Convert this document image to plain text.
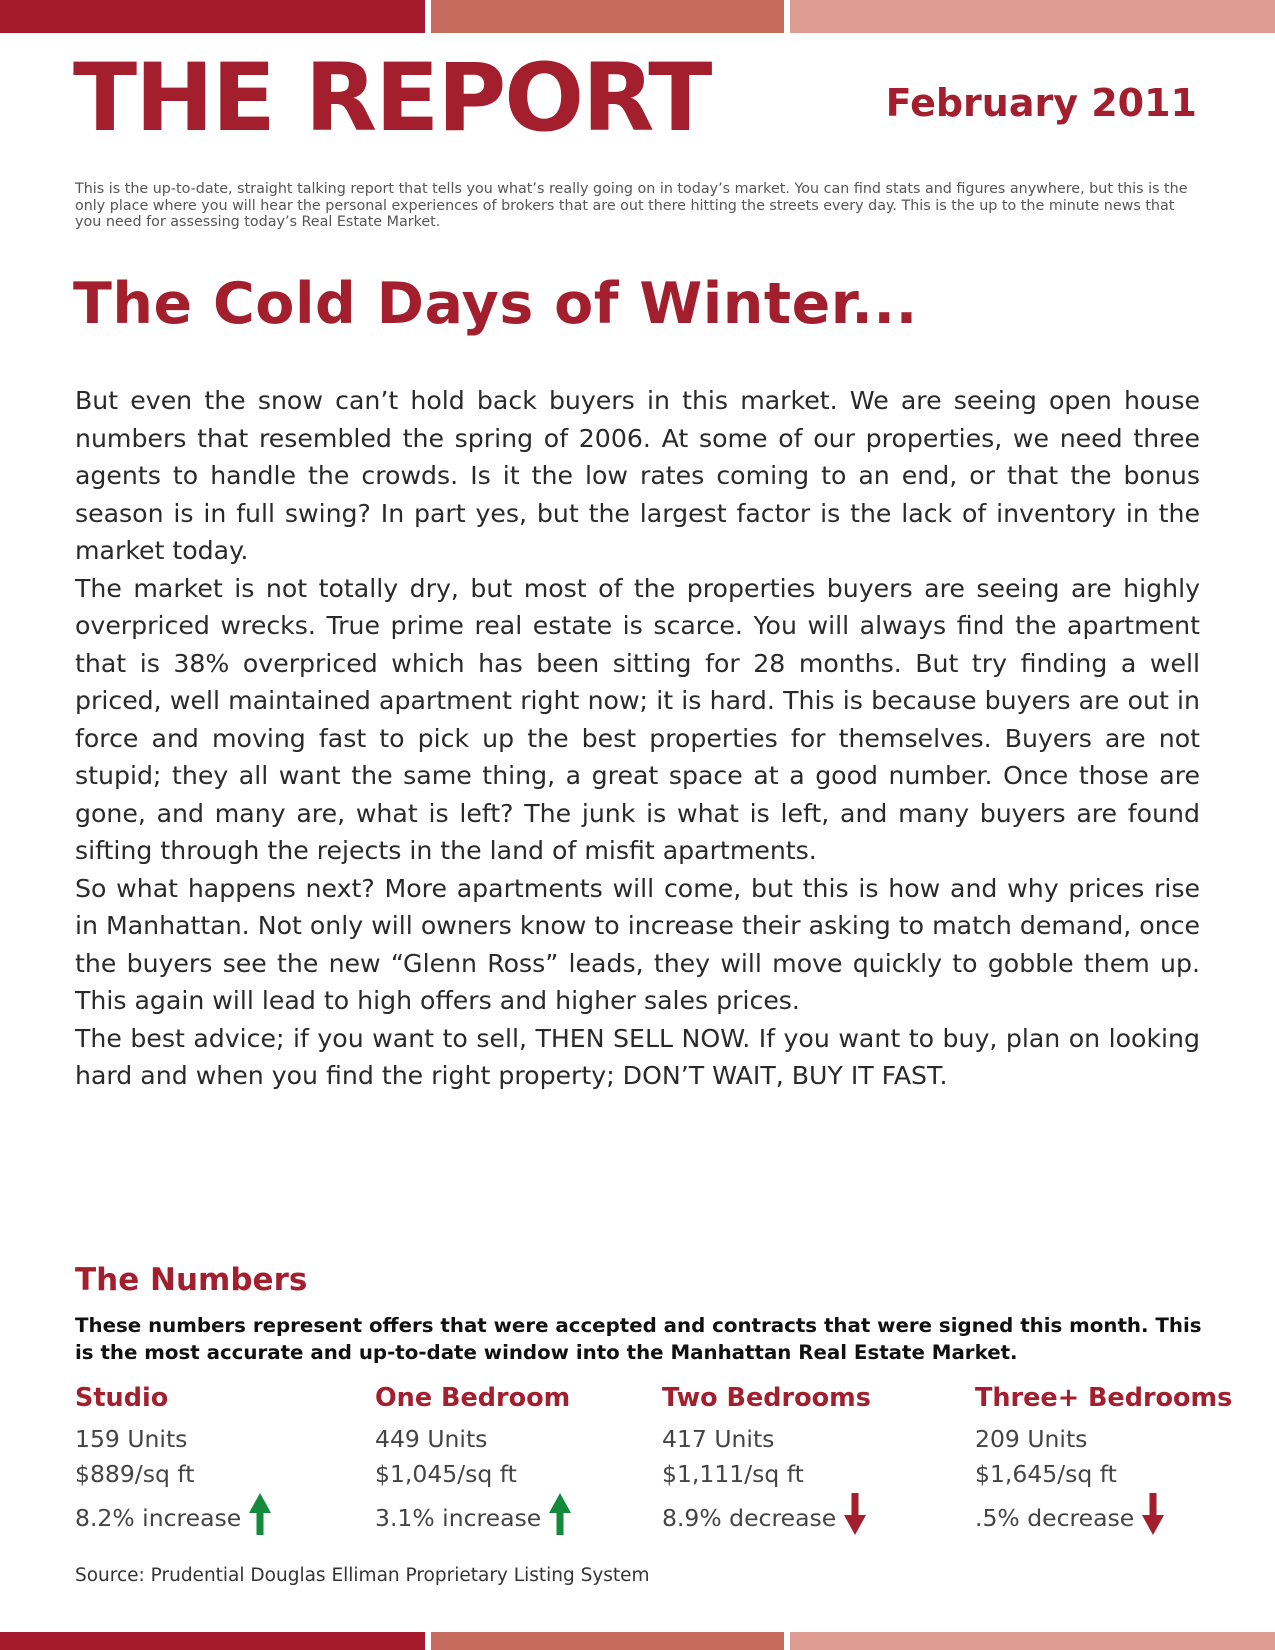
THE REPORT	February 2011
This is the up-to-date, straight talking report that tells you what’s really going on in today’s market. You can find stats and figures anywhere, but this is the only place where you will hear the personal experiences of brokers that are out there hitting the streets every day. This is the up to the minute news that you need for assessing today’s Real Estate Market.
The Cold Days of Winter...

But even the snow can’t hold back buyers in this market. We are seeing open house numbers that resembled the spring of 2006. At some of our properties, we need three agents to handle the crowds. Is it the low rates coming to an end, or that the bonus season is in full swing? In part yes, but the largest factor is the lack of inventory in the market today.

The market is not totally dry, but most of the properties buyers are seeing are highly overpriced wrecks. True prime real estate is scarce. You will always find the apartment that is 38% overpriced which has been sitting for 28 months. But try finding a well priced, well maintained apartment right now; it is hard. This is because buyers are out in force and moving fast to pick up the best properties for themselves. Buyers are not stupid; they all want the same thing, a great space at a good number. Once those are gone, and many are, what is left? The junk is what is left, and many buyers are found sifting through the rejects in the land of misfit apartments.

So what happens next? More apartments will come, but this is how and why prices rise in Manhattan. Not only will owners know to increase their asking to match demand, once the buyers see the new “Glenn Ross” leads, they will move quickly to gobble them up. This again will lead to high offers and higher sales prices.

The best advice; if you want to sell, THEN SELL NOW. If you want to buy, plan on looking hard and when you find the right property; DON’T WAIT, BUY IT FAST.

The Numbers
These numbers represent offers that were accepted and contracts that were signed this month. This is the most accurate and up-to-date window into the Manhattan Real Estate Market.
Studio
159 Units
$889/sq ft
8.2% increase
One Bedroom
449 Units
$1,045/sq ft
3.1% increase
Two Bedrooms
417 Units
$1,111/sq ft
8.9% decrease
Three+ Bedrooms
209 Units
$1,645/sq ft
.5% decrease
Source: Prudential Douglas Elliman Proprietary Listing System
